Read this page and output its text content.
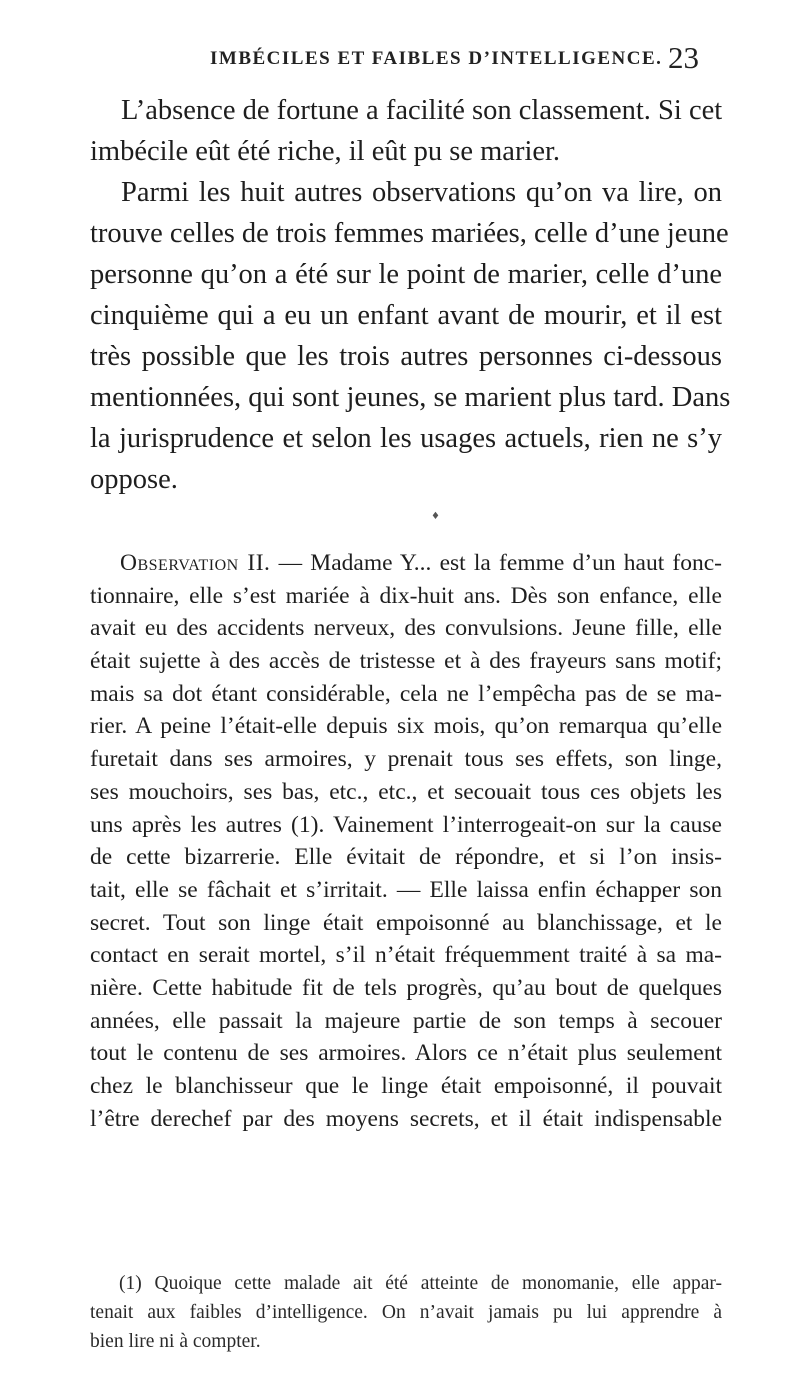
IMBÉCILES ET FAIBLES D’INTELLIGENCE. 23
L’absence de fortune a facilité son classement. Si cet
imbécile eût été riche, il eût pu se marier.
Parmi les huit autres observations qu’on va lire, on
trouve celles de trois femmes mariées, celle d’une jeune
personne qu’on a été sur le point de marier, celle d’une
cinquième qui a eu un enfant avant de mourir, et il est
très possible que les trois autres personnes ci-dessous
mentionnées, qui sont jeunes, se marient plus tard. Dans
la jurisprudence et selon les usages actuels, rien ne s’y
oppose.
♦
Observation II. — Madame Y... est la femme d’un haut fonc-
tionnaire, elle s’est mariée à dix-huit ans. Dès son enfance, elle
avait eu des accidents nerveux, des convulsions. Jeune fille, elle
était sujette à des accès de tristesse et à des frayeurs sans motif;
mais sa dot étant considérable, cela ne l’empêcha pas de se ma-
rier. A peine l’était-elle depuis six mois, qu’on remarqua qu’elle
furetait dans ses armoires, y prenait tous ses effets, son linge,
ses mouchoirs, ses bas, etc., etc., et secouait tous ces objets les
uns après les autres (1). Vainement l’interrogeait-on sur la cause
de cette bizarrerie. Elle évitait de répondre, et si l’on insis-
tait, elle se fâchait et s’irritait. — Elle laissa enfin échapper son
secret. Tout son linge était empoisonné au blanchissage, et le
contact en serait mortel, s’il n’était fréquemment traité à sa ma-
nière. Cette habitude fit de tels progrès, qu’au bout de quelques
années, elle passait la majeure partie de son temps à secouer
tout le contenu de ses armoires. Alors ce n’était plus seulement
chez le blanchisseur que le linge était empoisonné, il pouvait
l’être derechef par des moyens secrets, et il était indispensable
(1) Quoique cette malade ait été atteinte de monomanie, elle appar-
tenait aux faibles d’intelligence. On n’avait jamais pu lui apprendre à
bien lire ni à compter.
